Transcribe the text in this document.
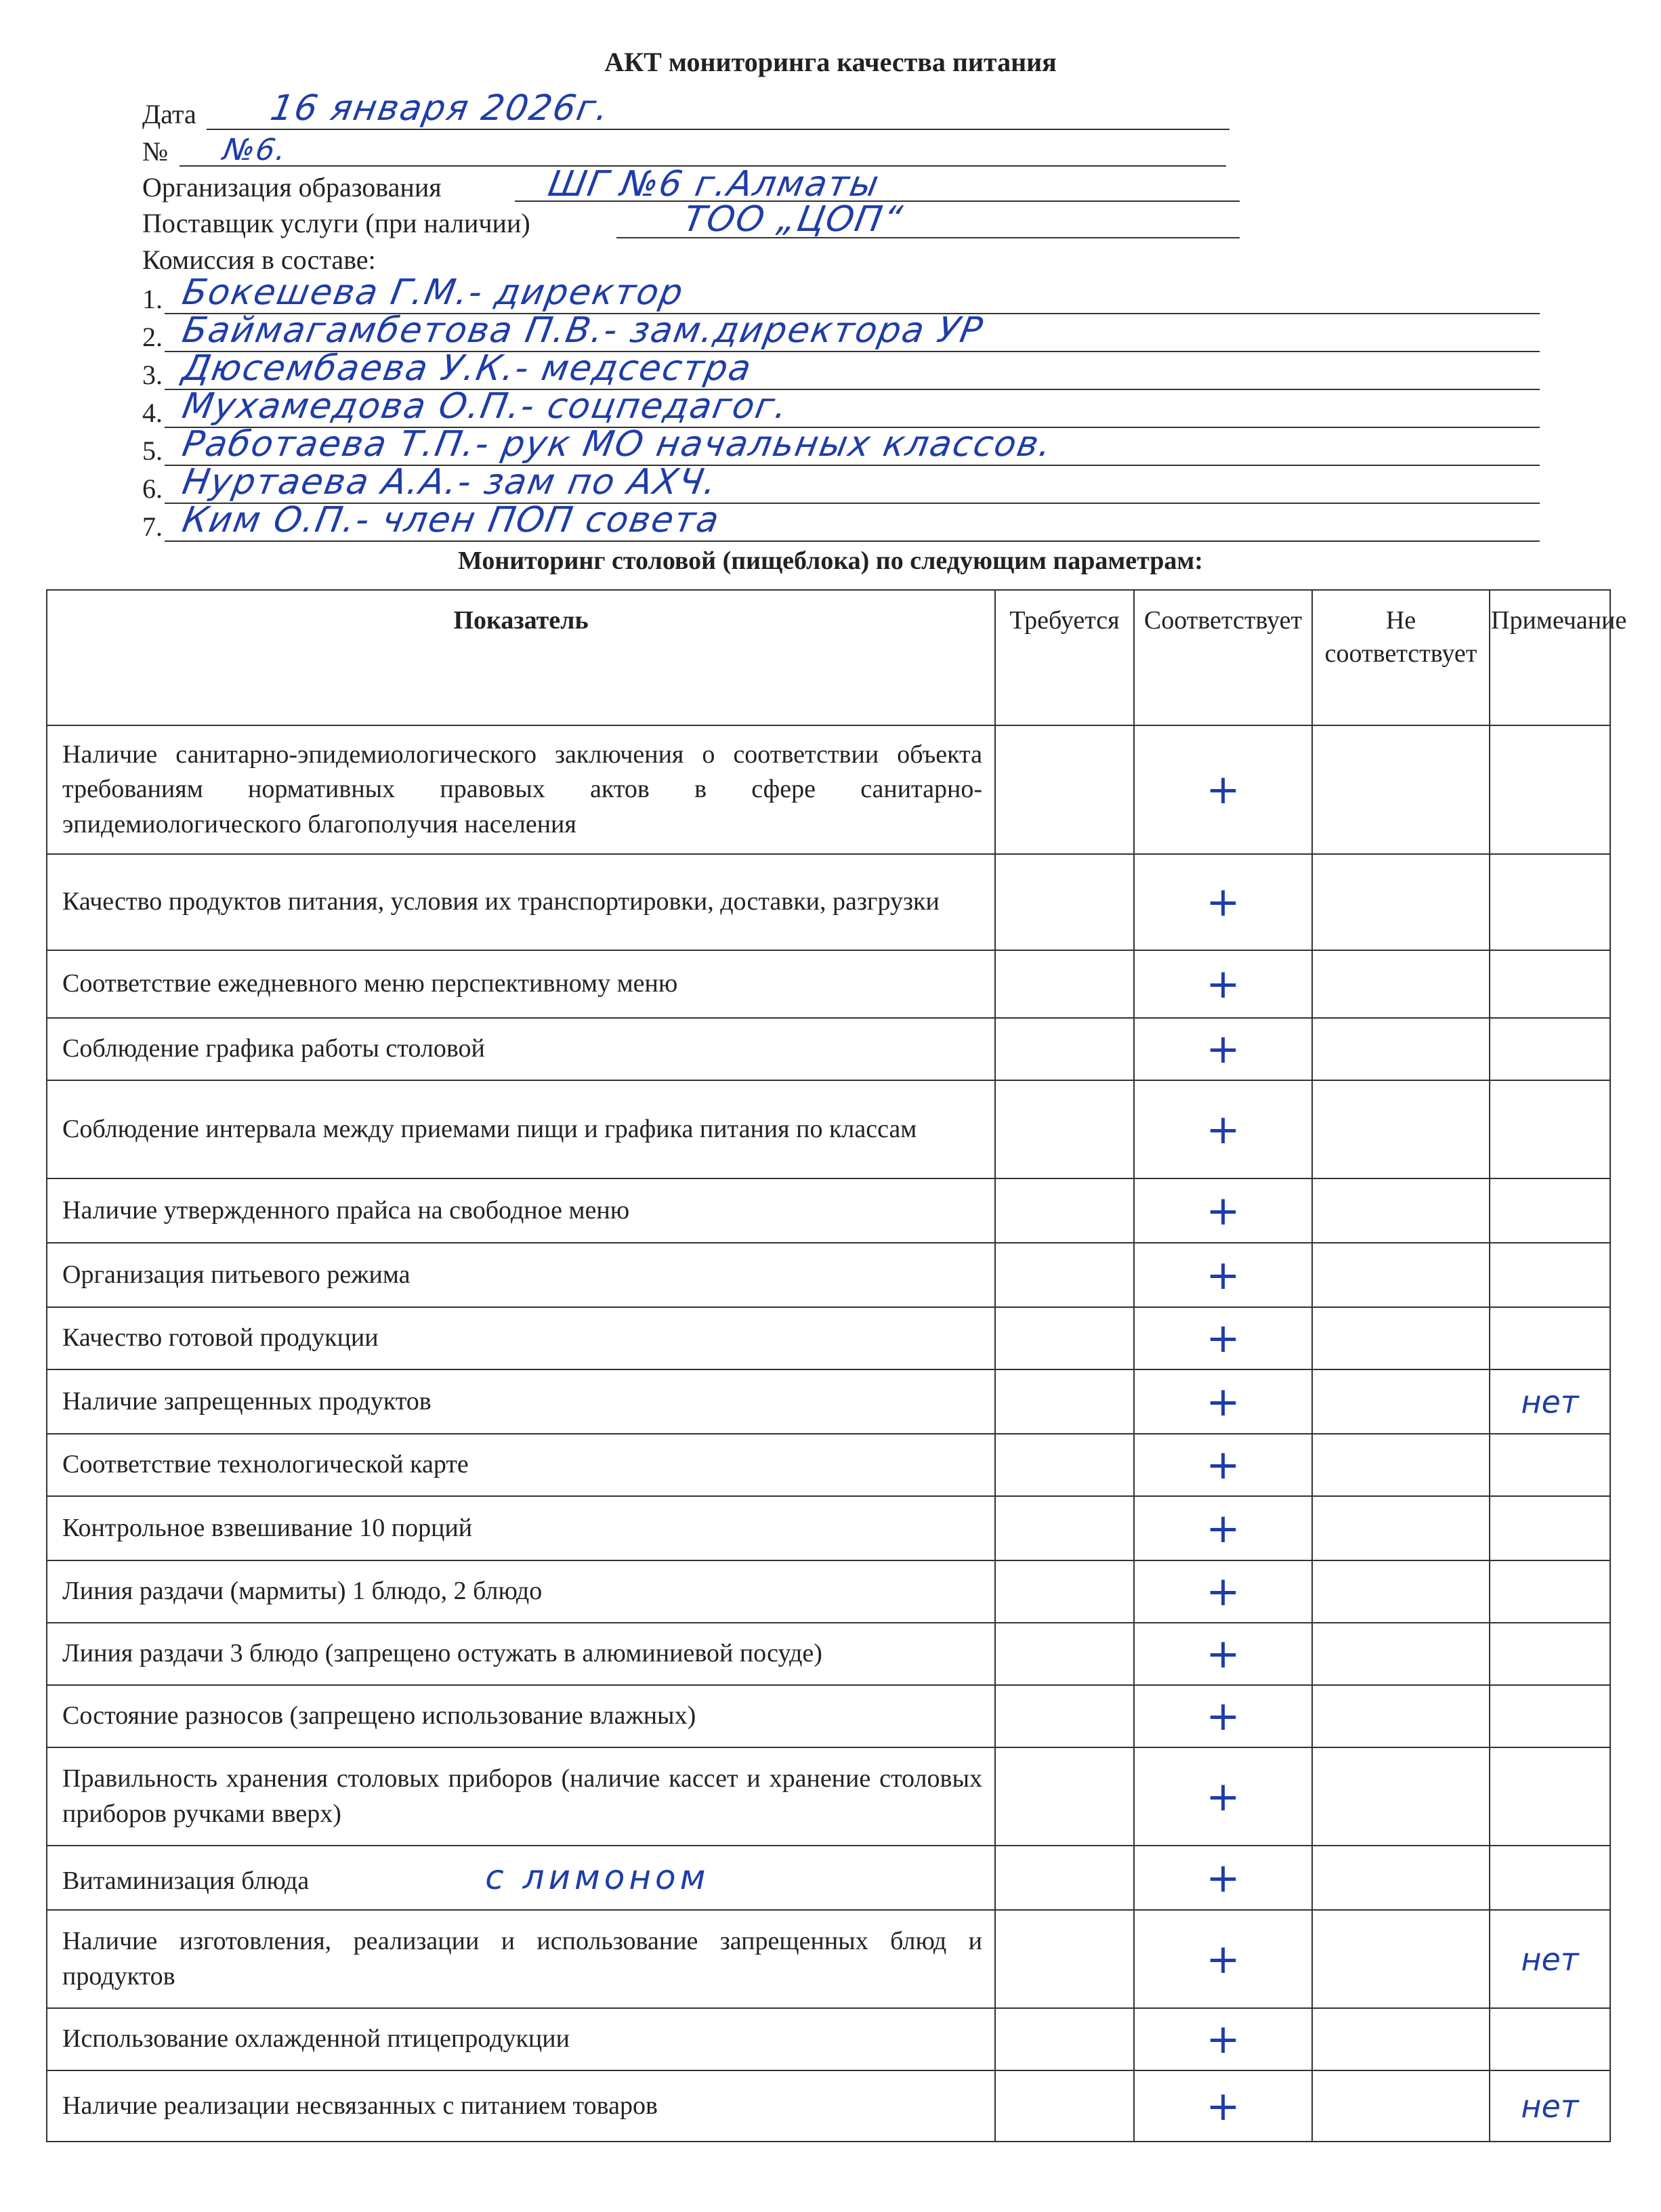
АКТ мониторинга качества питания
Дата 16 января 2026г.
№ №6.
Организация образования	ШГ №6 г.Алматы
Поставщик услуги (при наличии)	ТОО „ЦОП“
Комиссия в составе:
1. Бокешева Г.М.- директор
2. Баймагамбетова П.В.- зам.директора УР
3. Дюсембаева У.К.- медсестра
4. Мухамедова О.П.- соцпедагог.
5. Работаева Т.П.- рук МО начальных классов.
6. Нуртаева А.А.- зам по АХЧ.
7. Ким О.П.- член ПОП совета
Мониторинг столовой (пищеблока) по следующим параметрам:
Показатель	Требуется	Соответствует	Не соответствует	Примечание
Наличие санитарно-эпидемиологического заключения о соответствии объекта требованиям нормативных правовых актов в сфере санитарно-эпидемиологического благополучия населения		+		
Качество продуктов питания, условия их транспортировки, доставки, разгрузки		+		
Соответствие ежедневного меню перспективному меню		+		
Соблюдение графика работы столовой		+		
Соблюдение интервала между приемами пищи и графика питания по классам		+		
Наличие утвержденного прайса на свободное меню		+		
Организация питьевого режима		+		
Качество готовой продукции		+		
Наличие запрещенных продуктов		+		нет
Соответствие технологической карте		+		
Контрольное взвешивание 10 порций		+		
Линия раздачи (мармиты) 1 блюдо, 2 блюдо		+		
Линия раздачи 3 блюдо (запрещено остужать в алюминиевой посуде)		+		
Состояние разносов (запрещено использование влажных)		+		
Правильность хранения столовых приборов (наличие кассет и хранение столовых приборов ручками вверх)		+		
Витаминизация блюда с лимоном		+		
Наличие изготовления, реализации и использование запрещенных блюд и продуктов		+		нет
Использование охлажденной птицепродукции		+		
Наличие реализации несвязанных с питанием товаров		+		нет
